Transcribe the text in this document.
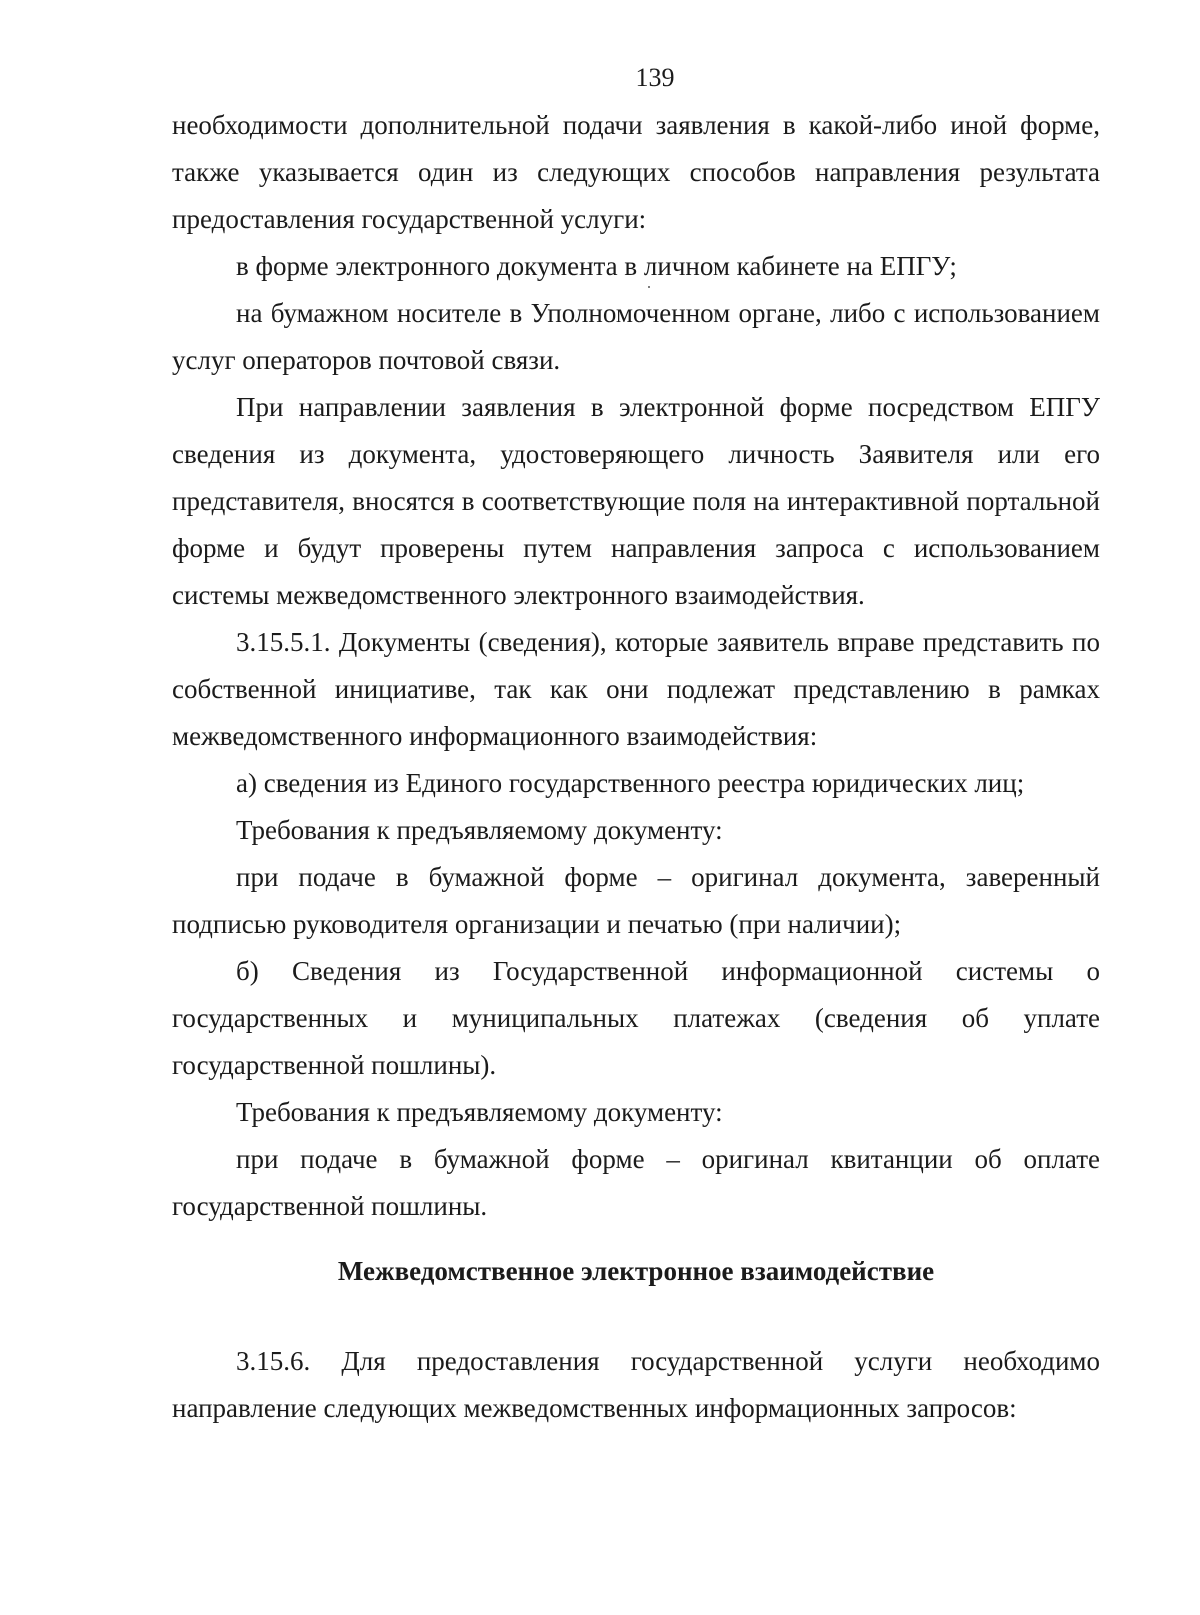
139

необходимости дополнительной подачи заявления в какой-либо иной форме, также указывается один из следующих способов направления результата предоставления государственной услуги:

в форме электронного документа в личном кабинете на ЕПГУ;

на бумажном носителе в Уполномоченном органе, либо с использованием услуг операторов почтовой связи.

При направлении заявления в электронной форме посредством ЕПГУ сведения из документа, удостоверяющего личность Заявителя или его представителя, вносятся в соответствующие поля на интерактивной портальной форме и будут проверены путем направления запроса с использованием системы межведомственного электронного взаимодействия.

3.15.5.1. Документы (сведения), которые заявитель вправе представить по собственной инициативе, так как они подлежат представлению в рамках межведомственного информационного взаимодействия:

а) сведения из Единого государственного реестра юридических лиц;

Требования к предъявляемому документу:

при подаче в бумажной форме – оригинал документа, заверенный подписью руководителя организации и печатью (при наличии);

б) Сведения из Государственной информационной системы о государственных и муниципальных платежах (сведения об уплате государственной пошлины).

Требования к предъявляемому документу:

при подаче в бумажной форме – оригинал квитанции об оплате государственной пошлины.

Межведомственное электронное взаимодействие

3.15.6. Для предоставления государственной услуги необходимо направление следующих межведомственных информационных запросов:
